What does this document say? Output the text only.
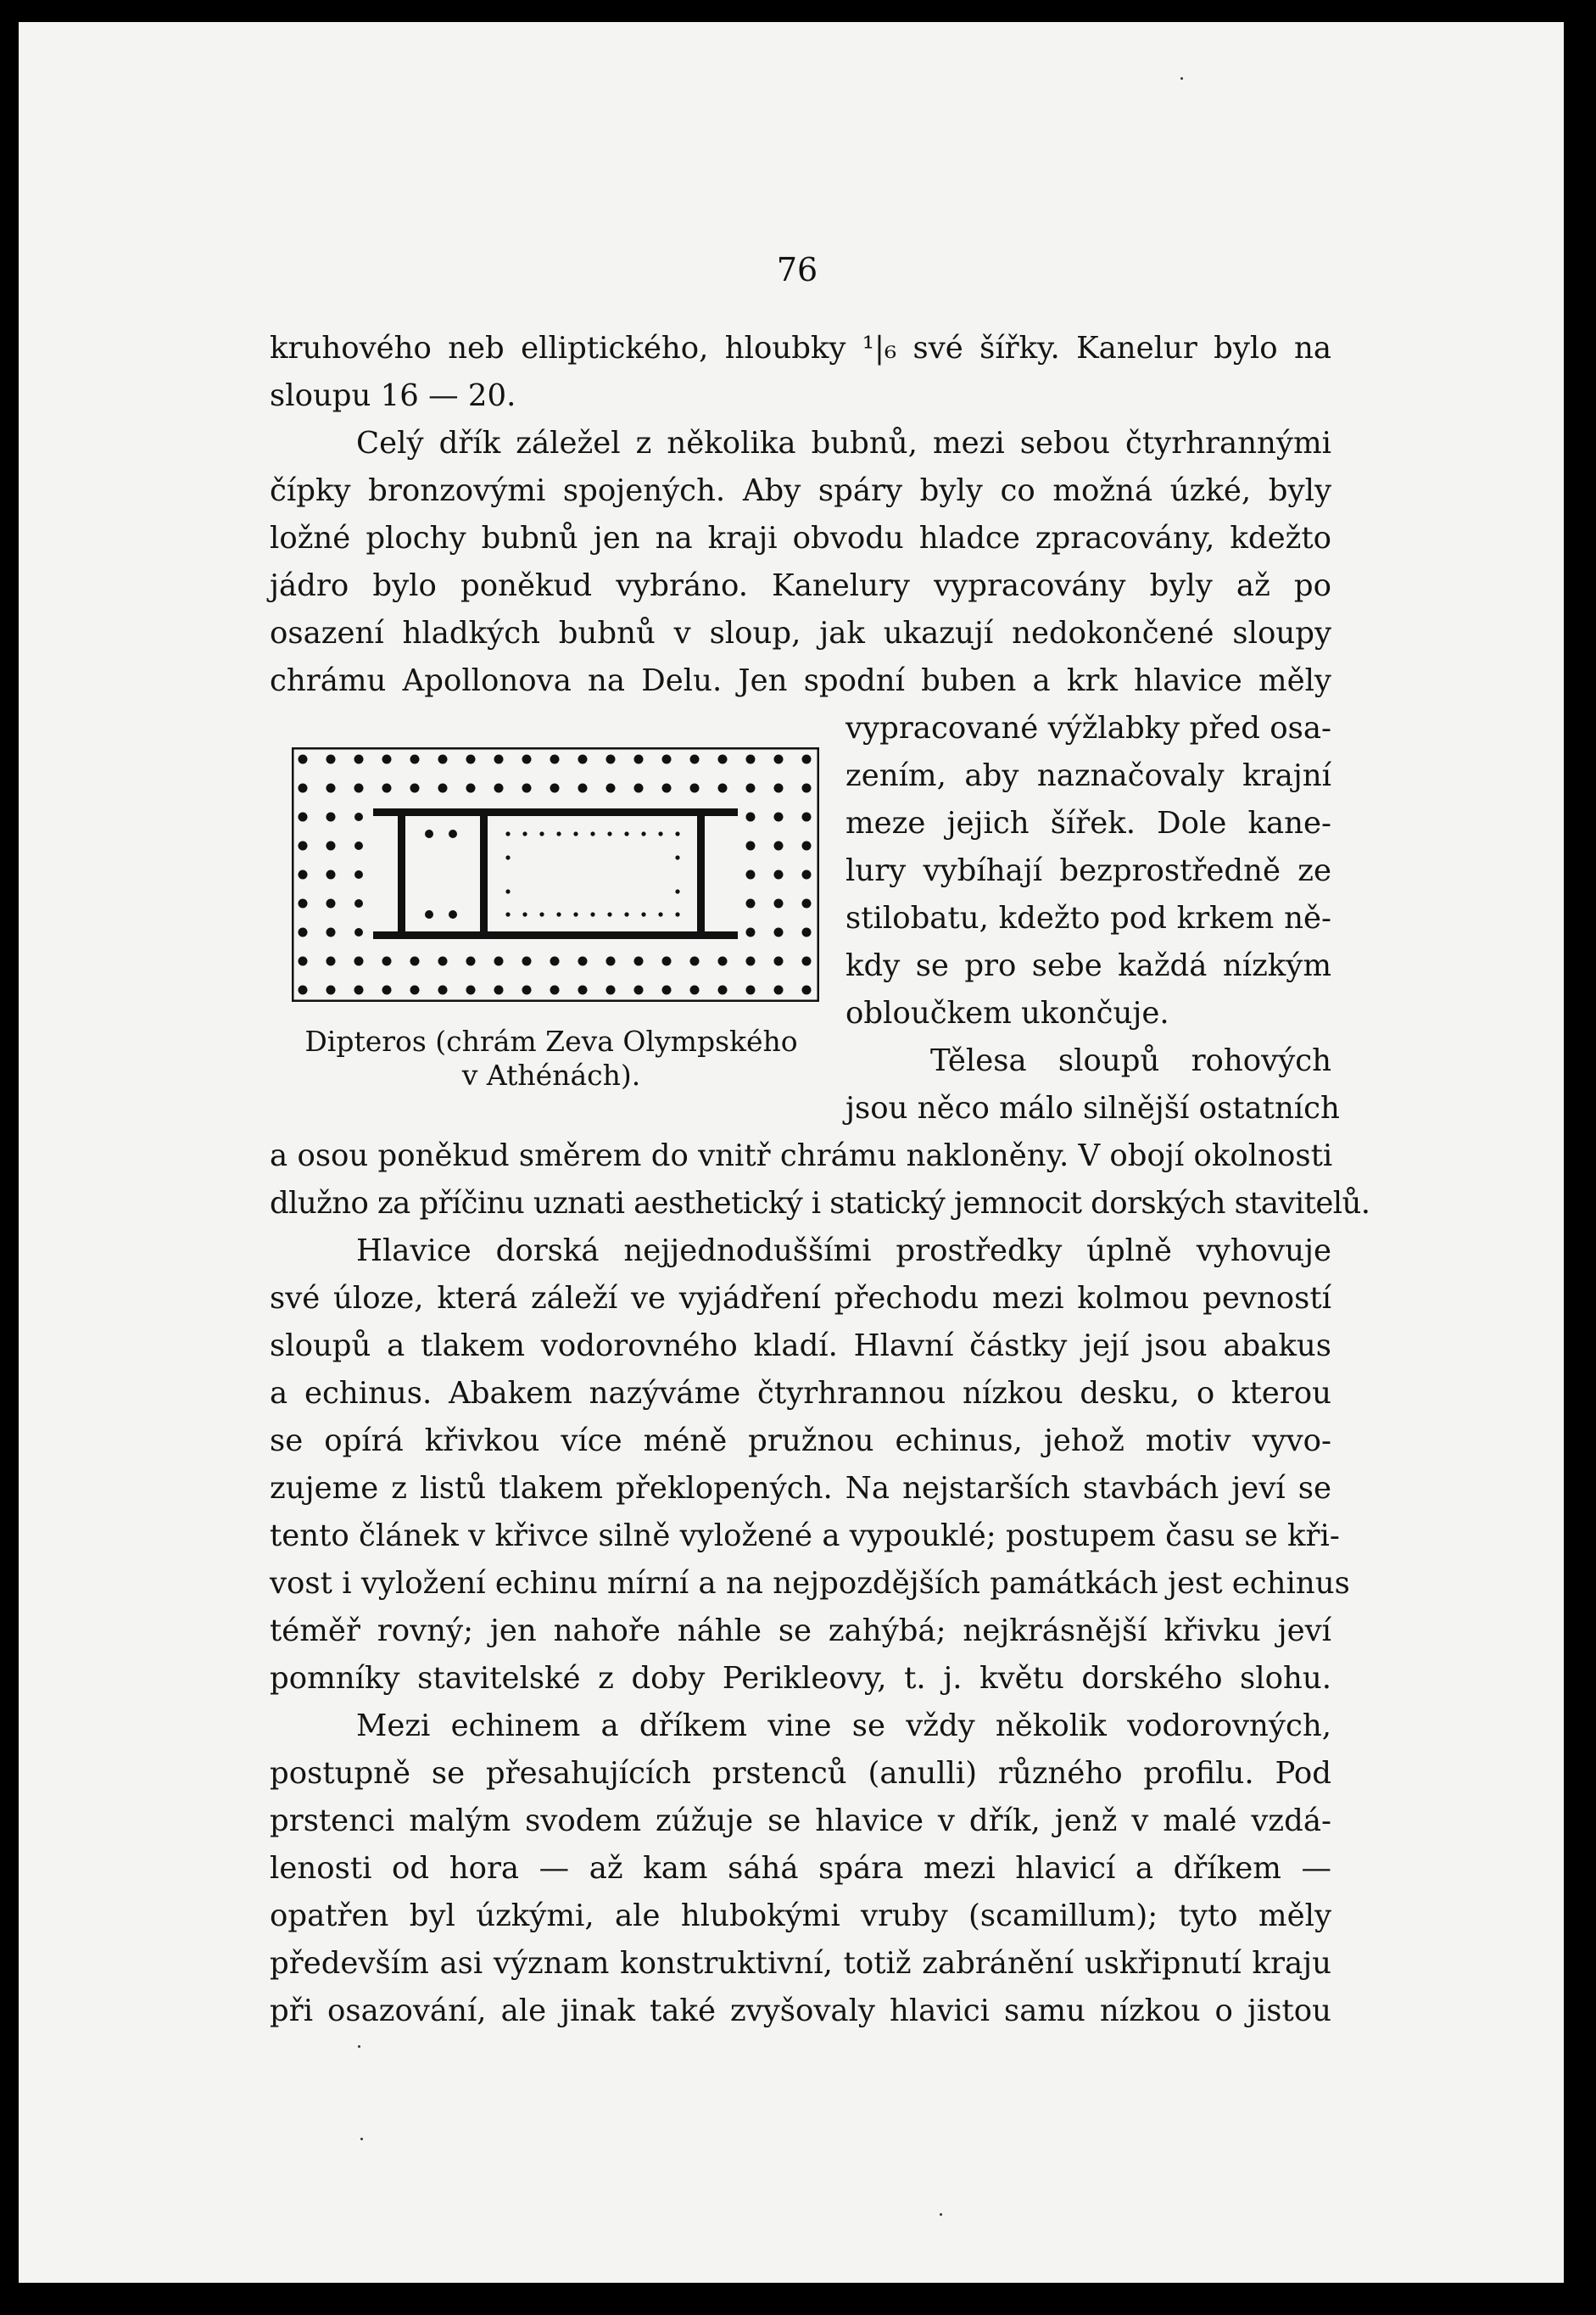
76
kruhového neb elliptického, hloubky ¹|₆ své šířky. Kanelur bylo na
sloupu 16 — 20.
Celý dřík záležel z několika bubnů, mezi sebou čtyrhrannými
čípky bronzovými spojených. Aby spáry byly co možná úzké, byly
ložné plochy bubnů jen na kraji obvodu hladce zpracovány, kdežto
jádro bylo poněkud vybráno. Kanelury vypracovány byly až po
osazení hladkých bubnů v sloup, jak ukazují nedokončené sloupy
chrámu Apollonova na Delu. Jen spodní buben a krk hlavice měly
vypracované výžlabky před osa-
zením, aby naznačovaly krajní
meze jejich šířek. Dole kane-
lury vybíhají bezprostředně ze
stilobatu, kdežto pod krkem ně-
kdy se pro sebe každá nízkým
obloučkem ukončuje.
Tělesa sloupů rohových
jsou něco málo silnější ostatních
Dipteros (chrám Zeva Olympského
v Athénách).
a osou poněkud směrem do vnitř chrámu nakloněny. V obojí okolnosti
dlužno za příčinu uznati aesthetický i statický jemnocit dorských stavitelů.
Hlavice dorská nejjednoduššími prostředky úplně vyhovuje
své úloze, která záleží ve vyjádření přechodu mezi kolmou pevností
sloupů a tlakem vodorovného kladí. Hlavní částky její jsou abakus
a echinus. Abakem nazýváme čtyrhrannou nízkou desku, o kterou
se opírá křivkou více méně pružnou echinus, jehož motiv vyvo-
zujeme z listů tlakem překlopených. Na nejstarších stavbách jeví se
tento článek v křivce silně vyložené a vypouklé; postupem času se kři-
vost i vyložení echinu mírní a na nejpozdějších památkách jest echinus
téměř rovný; jen nahoře náhle se zahýbá; nejkrásnější křivku jeví
pomníky stavitelské z doby Perikleovy, t. j. květu dorského slohu.
Mezi echinem a dříkem vine se vždy několik vodorovných,
postupně se přesahujících prstenců (anulli) různého profilu. Pod
prstenci malým svodem zúžuje se hlavice v dřík, jenž v malé vzdá-
lenosti od hora — až kam sáhá spára mezi hlavicí a dříkem —
opatřen byl úzkými, ale hlubokými vruby (scamillum); tyto měly
především asi význam konstruktivní, totiž zabránění uskřipnutí kraju
při osazování, ale jinak také zvyšovaly hlavici samu nízkou o jistou
